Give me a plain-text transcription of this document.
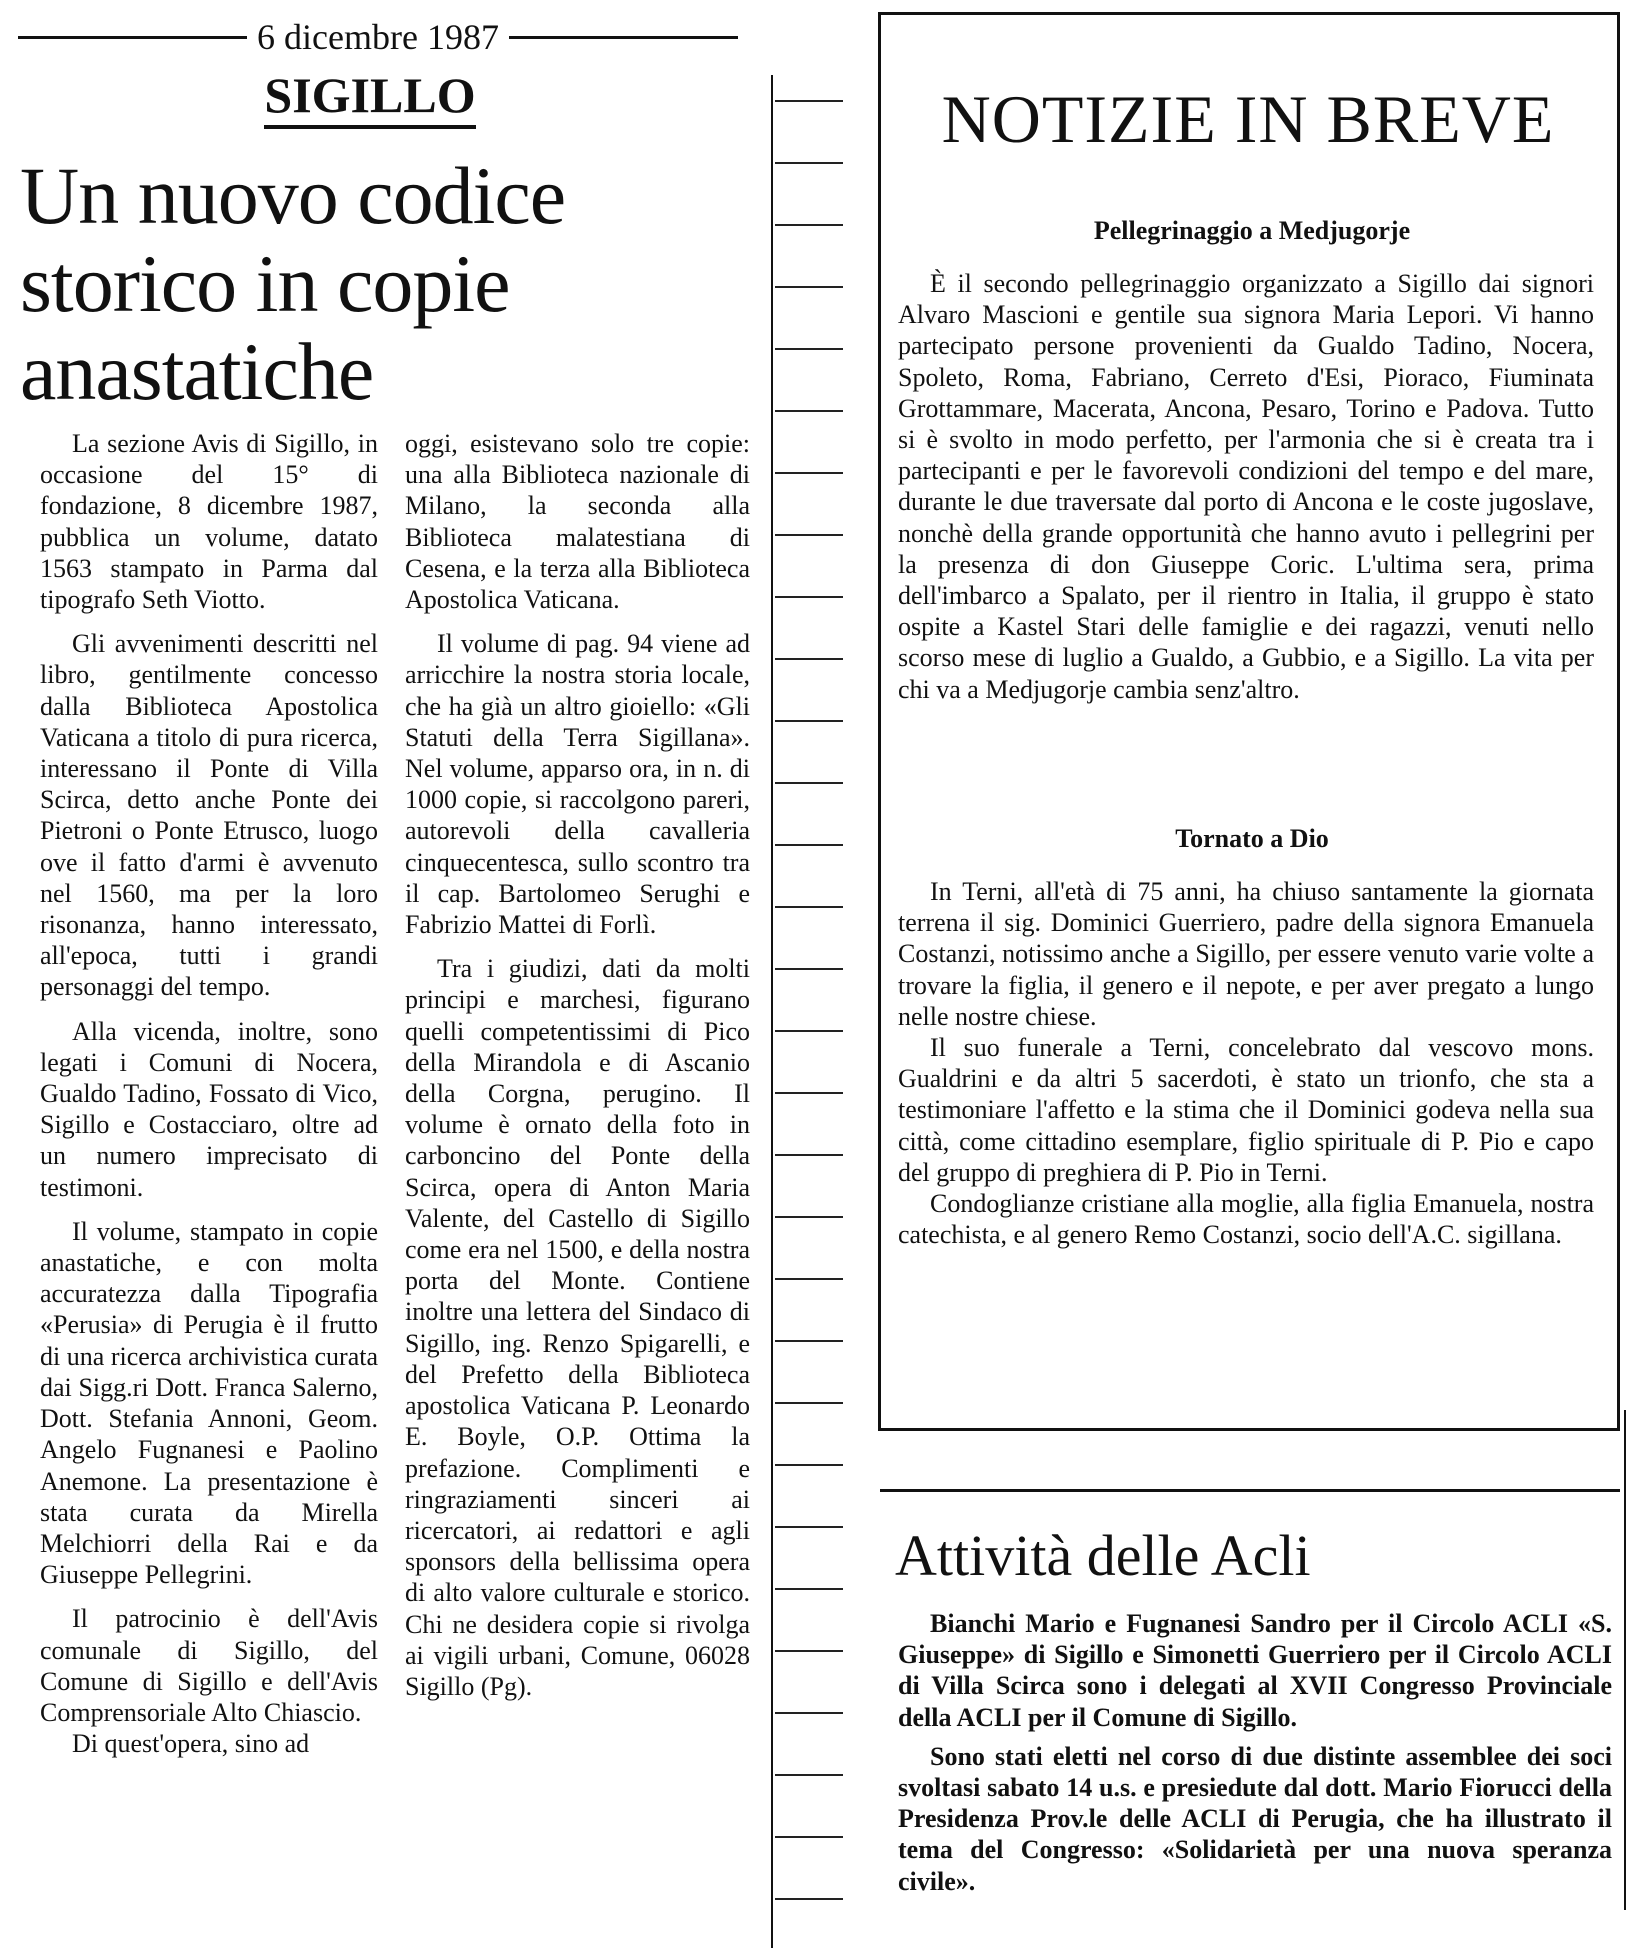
6 dicembre 1987
SIGILLO
Un nuovo codice
storico in copie
anastatiche

La sezione Avis di Sigillo, in occasione del 15° di fondazione, 8 dicembre 1987, pubblica un volume, datato 1563 stampato in Parma dal tipografo Seth Viotto.

Gli avvenimenti descritti nel libro, gentilmente concesso dalla Biblioteca Apostolica Vaticana a titolo di pura ricerca, interessano il Ponte di Villa Scirca, detto anche Ponte dei Pietroni o Ponte Etrusco, luogo ove il fatto d'armi è avvenuto nel 1560, ma per la loro risonanza, hanno interessato, all'epoca, tutti i grandi personaggi del tempo.

Alla vicenda, inoltre, sono legati i Comuni di Nocera, Gualdo Tadino, Fossato di Vico, Sigillo e Costacciaro, oltre ad un numero imprecisato di testimoni.

Il volume, stampato in copie anastatiche, e con molta accuratezza dalla Tipografia «Perusia» di Perugia è il frutto di una ricerca archivistica curata dai Sigg.ri Dott. Franca Salerno, Dott. Stefania Annoni, Geom. Angelo Fugnanesi e Paolino Anemone. La presentazione è stata curata da Mirella Melchiorri della Rai e da Giuseppe Pellegrini.

Il patrocinio è dell'Avis comunale di Sigillo, del Comune di Sigillo e dell'Avis Comprensoriale Alto Chiascio.

Di quest'opera, sino ad

oggi, esistevano solo tre copie: una alla Biblioteca nazionale di Milano, la seconda alla Biblioteca malatestiana di Cesena, e la terza alla Biblioteca Apostolica Vaticana.

Il volume di pag. 94 viene ad arricchire la nostra storia locale, che ha già un altro gioiello: «Gli Statuti della Terra Sigillana». Nel volume, apparso ora, in n. di 1000 copie, si raccolgono pareri, autorevoli della cavalleria cinquecentesca, sullo scontro tra il cap. Bartolomeo Serughi e Fabrizio Mattei di Forlì.

Tra i giudizi, dati da molti principi e marchesi, figurano quelli competentissimi di Pico della Mirandola e di Ascanio della Corgna, perugino. Il volume è ornato della foto in carboncino del Ponte della Scirca, opera di Anton Maria Valente, del Castello di Sigillo come era nel 1500, e della nostra porta del Monte. Contiene inoltre una lettera del Sindaco di Sigillo, ing. Renzo Spigarelli, e del Prefetto della Biblioteca apostolica Vaticana P. Leonardo E. Boyle, O.P. Ottima la prefazione. Complimenti e ringraziamenti sinceri ai ricercatori, ai redattori e agli sponsors della bellissima opera di alto valore culturale e storico. Chi ne desidera copie si rivolga ai vigili urbani, Comune, 06028 Sigillo (Pg).

NOTIZIE IN BREVE
Pellegrinaggio a Medjugorje

È il secondo pellegrinaggio organizzato a Sigillo dai signori Alvaro Mascioni e gentile sua signora Maria Lepori. Vi hanno partecipato persone provenienti da Gualdo Tadino, Nocera, Spoleto, Roma, Fabriano, Cerreto d'Esi, Pioraco, Fiuminata Grottammare, Macerata, Ancona, Pesaro, Torino e Padova. Tutto si è svolto in modo perfetto, per l'armonia che si è creata tra i partecipanti e per le favorevoli condizioni del tempo e del mare, durante le due traversate dal porto di Ancona e le coste jugoslave, nonchè della grande opportunità che hanno avuto i pellegrini per la presenza di don Giuseppe Coric. L'ultima sera, prima dell'imbarco a Spalato, per il rientro in Italia, il gruppo è stato ospite a Kastel Stari delle famiglie e dei ragazzi, venuti nello scorso mese di luglio a Gualdo, a Gubbio, e a Sigillo. La vita per chi va a Medjugorje cambia senz'altro.

Tornato a Dio

In Terni, all'età di 75 anni, ha chiuso santamente la giornata terrena il sig. Dominici Guerriero, padre della signora Emanuela Costanzi, notissimo anche a Sigillo, per essere venuto varie volte a trovare la figlia, il genero e il nepote, e per aver pregato a lungo nelle nostre chiese.

Il suo funerale a Terni, concelebrato dal vescovo mons. Gualdrini e da altri 5 sacerdoti, è stato un trionfo, che sta a testimoniare l'affetto e la stima che il Dominici godeva nella sua città, come cittadino esemplare, figlio spirituale di P. Pio e capo del gruppo di preghiera di P. Pio in Terni.

Condoglianze cristiane alla moglie, alla figlia Emanuela, nostra catechista, e al genero Remo Costanzi, socio dell'A.C. sigillana.

Attività delle Acli

Bianchi Mario e Fugnanesi Sandro per il Circolo ACLI «S. Giuseppe» di Sigillo e Simonetti Guerriero per il Circolo ACLI di Villa Scirca sono i delegati al XVII Congresso Provinciale della ACLI per il Comune di Sigillo.

Sono stati eletti nel corso di due distinte assemblee dei soci svoltasi sabato 14 u.s. e presiedute dal dott. Mario Fiorucci della Presidenza Prov.le delle ACLI di Perugia, che ha illustrato il tema del Congresso: «Solidarietà per una nuova speranza civile».
